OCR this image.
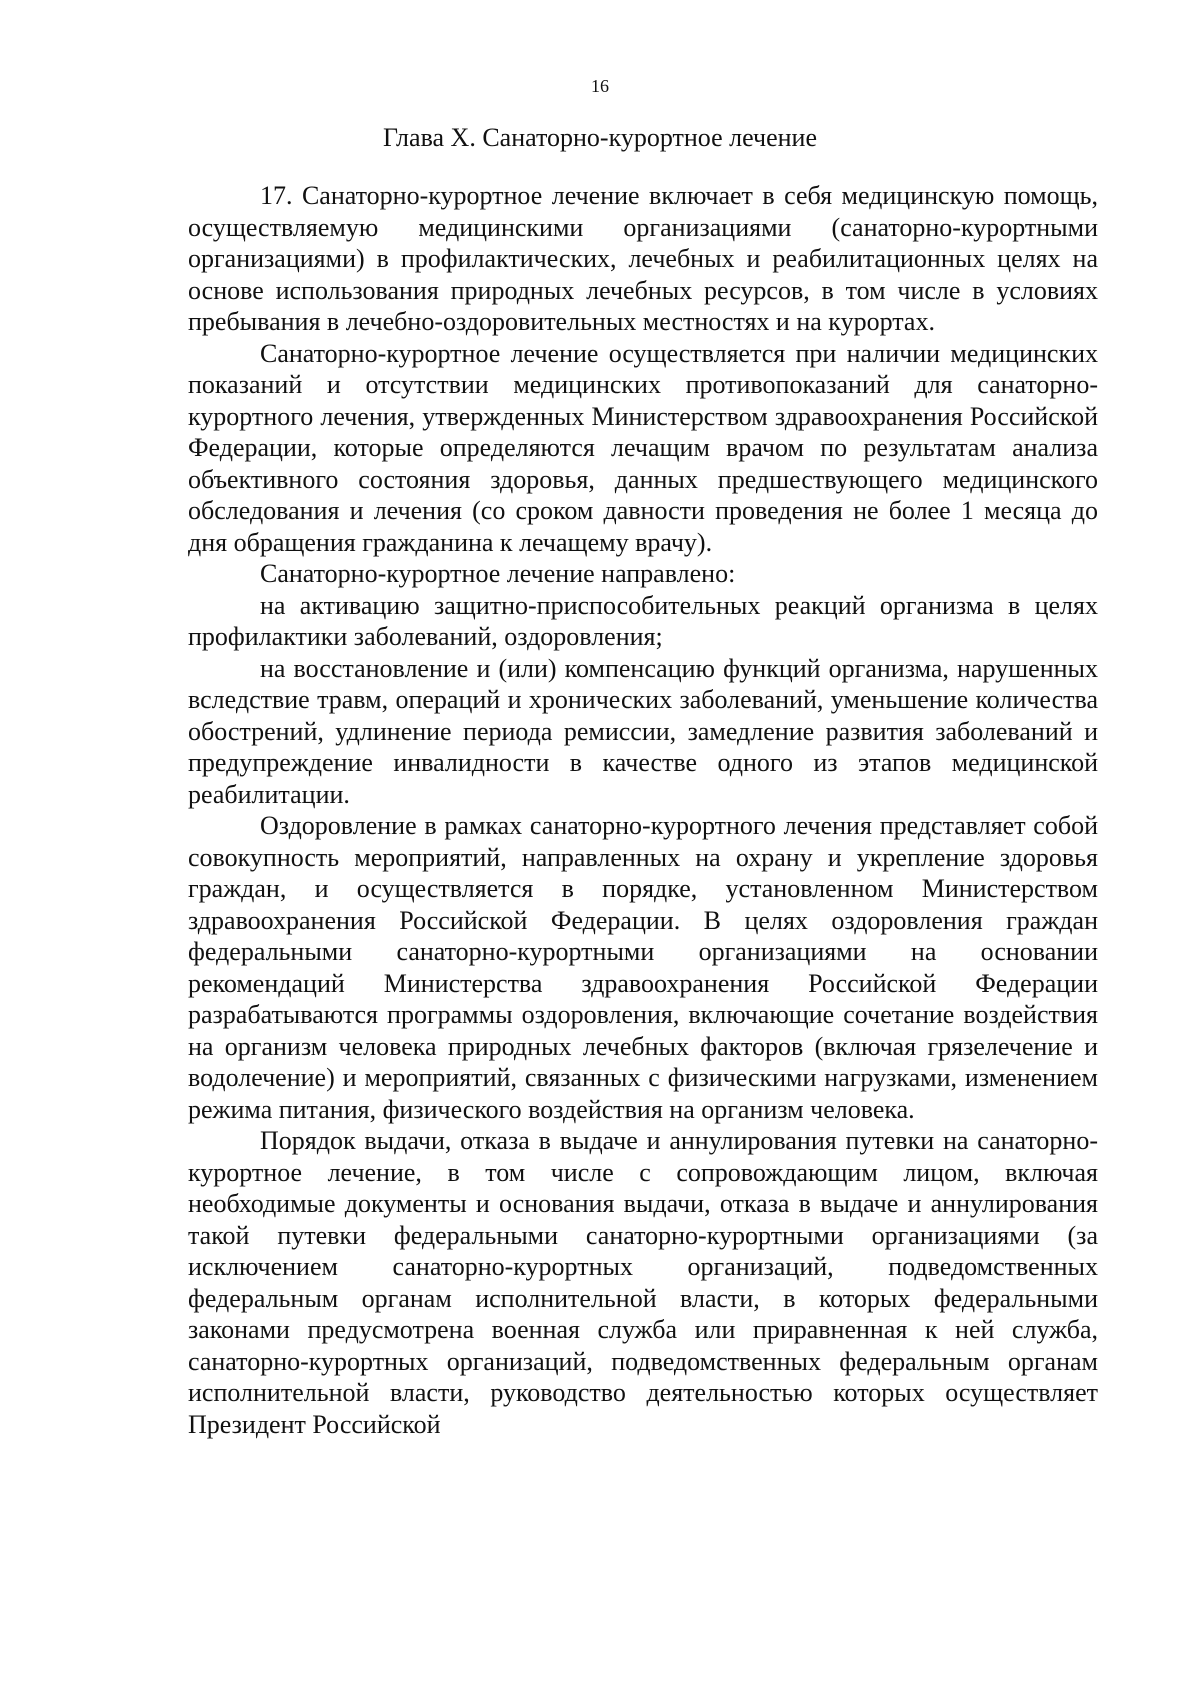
16
Глава X. Санаторно-курортное лечение

17. Санаторно-курортное лечение включает в себя медицинскую помощь, осуществляемую медицинскими организациями (санаторно-курортными организациями) в профилактических, лечебных и реабилитационных целях на основе использования природных лечебных ресурсов, в том числе в условиях пребывания в лечебно-оздоровительных местностях и на курортах.

Санаторно-курортное лечение осуществляется при наличии медицинских показаний и отсутствии медицинских противопоказаний для санаторно-курортного лечения, утвержденных Министерством здравоохранения Российской Федерации, которые определяются лечащим врачом по результатам анализа объективного состояния здоровья, данных предшествующего медицинского обследования и лечения (со сроком давности проведения не более 1 месяца до дня обращения гражданина к лечащему врачу).

Санаторно-курортное лечение направлено:

на активацию защитно-приспособительных реакций организма в целях профилактики заболеваний, оздоровления;

на восстановление и (или) компенсацию функций организма, нарушенных вследствие травм, операций и хронических заболеваний, уменьшение количества обострений, удлинение периода ремиссии, замедление развития заболеваний и предупреждение инвалидности в качестве одного из этапов медицинской реабилитации.

Оздоровление в рамках санаторно-курортного лечения представляет собой совокупность мероприятий, направленных на охрану и укрепление здоровья граждан, и осуществляется в порядке, установленном Министерством здравоохранения Российской Федерации. В целях оздоровления граждан федеральными санаторно-курортными организациями на основании рекомендаций Министерства здравоохранения Российской Федерации разрабатываются программы оздоровления, включающие сочетание воздействия на организм человека природных лечебных факторов (включая грязелечение и водолечение) и мероприятий, связанных с физическими нагрузками, изменением режима питания, физического воздействия на организм человека.

Порядок выдачи, отказа в выдаче и аннулирования путевки на санаторно-курортное лечение, в том числе с сопровождающим лицом, включая необходимые документы и основания выдачи, отказа в выдаче и аннулирования такой путевки федеральными санаторно-курортными организациями (за исключением санаторно-курортных организаций, подведомственных федеральным органам исполнительной власти, в которых федеральными законами предусмотрена военная служба или приравненная к ней служба, санаторно-курортных организаций, подведомственных федеральным органам исполнительной власти, руководство деятельностью которых осуществляет Президент Российской
